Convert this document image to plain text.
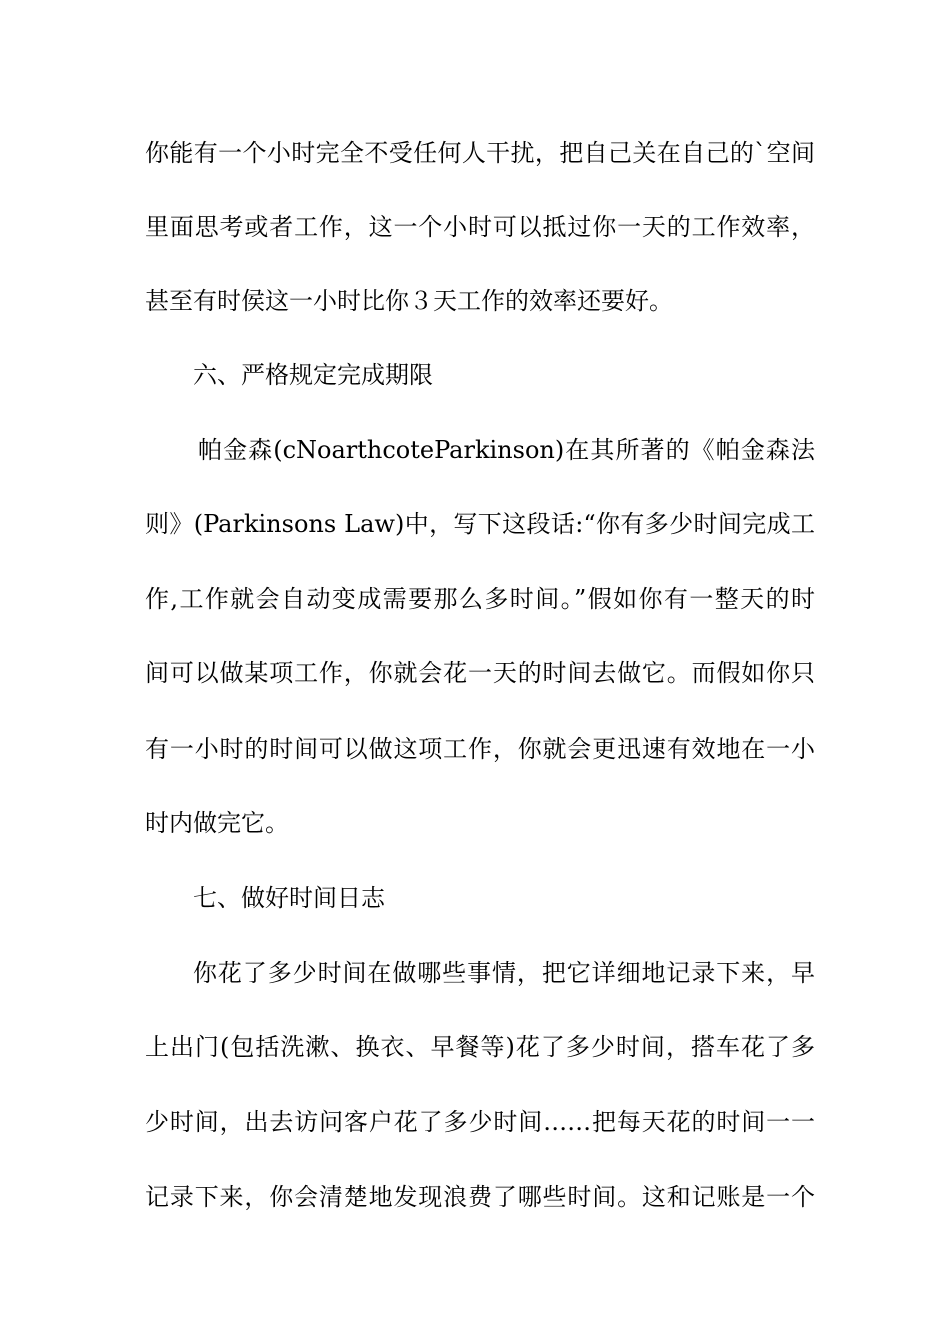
你能有一个小时完全不受任何人干扰，把自己关在自己的`空间
里面思考或者工作，这一个小时可以抵过你一天的工作效率，
甚至有时侯这一小时比你３天工作的效率还要好。
六、严格规定完成期限
帕金森(cNoarthcoteParkinson)在其所著的《帕金森法
则》(Parkinsons Law)中，写下这段话:“你有多少时间完成工
作,工作就会自动变成需要那么多时间。”假如你有一整天的时
间可以做某项工作，你就会花一天的时间去做它。而假如你只
有一小时的时间可以做这项工作，你就会更迅速有效地在一小
时内做完它。
七、做好时间日志
你花了多少时间在做哪些事情，把它详细地记录下来，早
上出门(包括洗漱、换衣、早餐等)花了多少时间，搭车花了多
少时间，出去访问客户花了多少时间……把每天花的时间一一
记录下来，你会清楚地发现浪费了哪些时间。这和记账是一个
